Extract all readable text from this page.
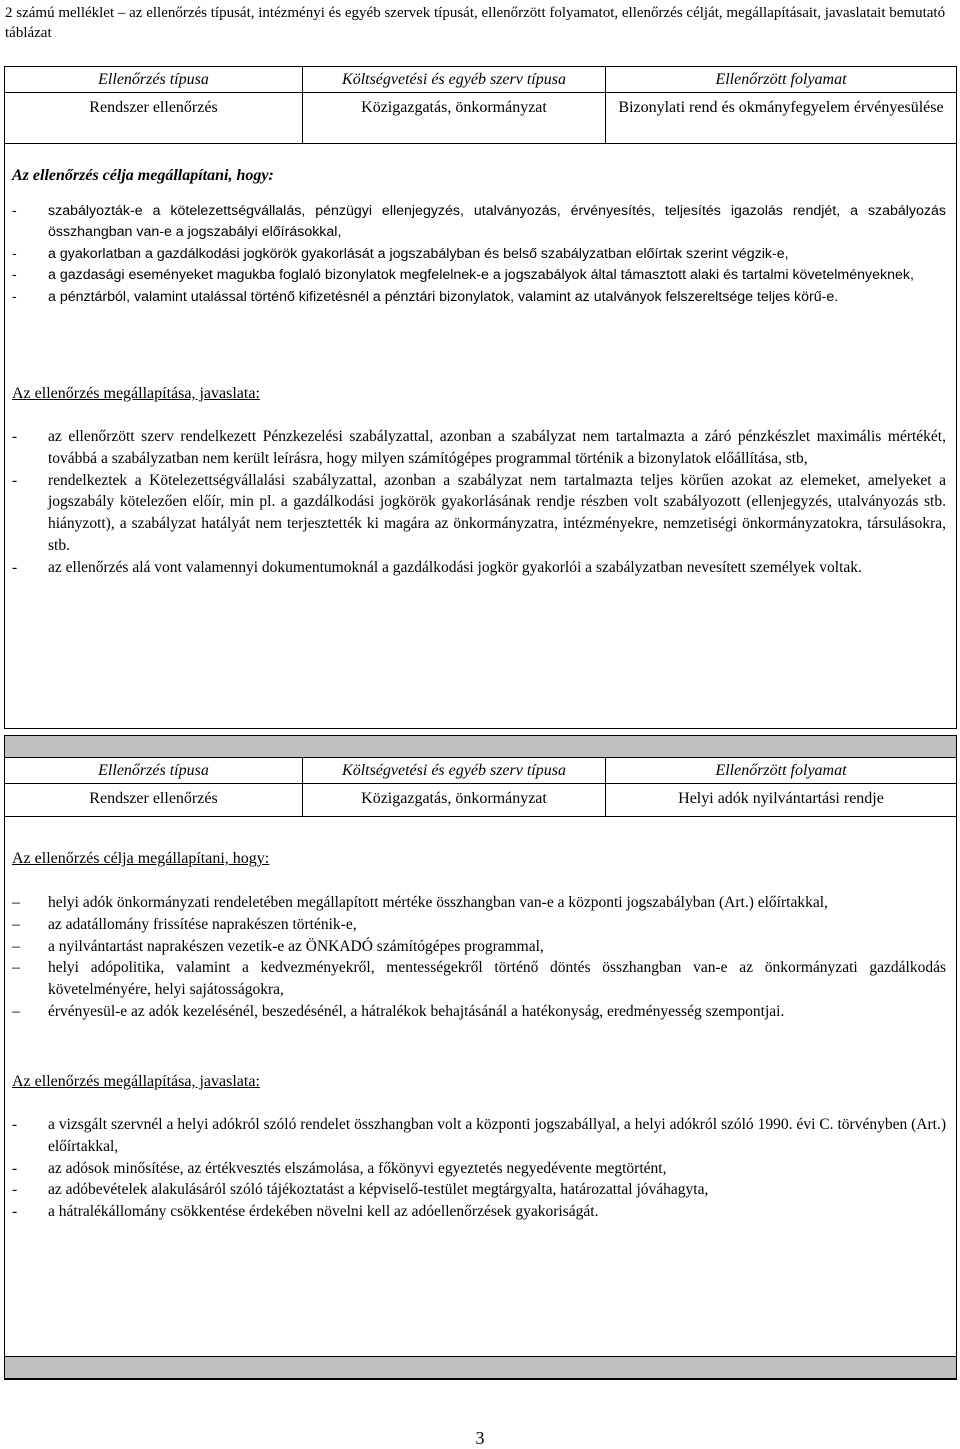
2 számú melléklet – az ellenőrzés típusát, intézményi és egyéb szervek típusát, ellenőrzött folyamatot, ellenőrzés célját, megállapításait, javaslatait bemutató táblázat
Ellenőrzés típusa	Költségvetési és egyéb szerv típusa	Ellenőrzött folyamat
Rendszer ellenőrzés	Közigazgatás, önkormányzat	Bizonylati rend és okmányfegyelem érvényesülése
Az ellenőrzés célja megállapítani, hogy:
- szabályozták-e a kötelezettségvállalás, pénzügyi ellenjegyzés, utalványozás, érvényesítés, teljesítés igazolás rendjét, a szabályozás összhangban van-e a jogszabályi előírásokkal,
- a gyakorlatban a gazdálkodási jogkörök gyakorlását a jogszabályban és belső szabályzatban előírtak szerint végzik-e,
- a gazdasági eseményeket magukba foglaló bizonylatok megfelelnek-e a jogszabályok által támasztott alaki és tartalmi követelményeknek,
- a pénztárból, valamint utalással történő kifizetésnél a pénztári bizonylatok, valamint az utalványok felszereltsége teljes körű-e.
Az ellenőrzés megállapítása, javaslata:
- az ellenőrzött szerv rendelkezett Pénzkezelési szabályzattal, azonban a szabályzat nem tartalmazta a záró pénzkészlet maximális mértékét, továbbá a szabályzatban nem került leírásra, hogy milyen számítógépes programmal történik a bizonylatok előállítása, stb,
- rendelkeztek a Kötelezettségvállalási szabályzattal, azonban a szabályzat nem tartalmazta teljes körűen azokat az elemeket, amelyeket a jogszabály kötelezően előír, min pl. a gazdálkodási jogkörök gyakorlásának rendje részben volt szabályozott (ellenjegyzés, utalványozás stb. hiányzott), a szabályzat hatályát nem terjesztették ki magára az önkormányzatra, intézményekre, nemzetiségi önkormányzatokra, társulásokra, stb.
- az ellenőrzés alá vont valamennyi dokumentumoknál a gazdálkodási jogkör gyakorlói a szabályzatban nevesített személyek voltak.
Ellenőrzés típusa	Költségvetési és egyéb szerv típusa	Ellenőrzött folyamat
Rendszer ellenőrzés	Közigazgatás, önkormányzat	Helyi adók nyilvántartási rendje
Az ellenőrzés célja megállapítani, hogy:
– helyi adók önkormányzati rendeletében megállapított mértéke összhangban van-e a központi jogszabályban (Art.) előírtakkal,
– az adatállomány frissítése naprakészen történik-e,
– a nyilvántartást naprakészen vezetik-e az ÖNKADÓ számítógépes programmal,
– helyi adópolitika, valamint a kedvezményekről, mentességekről történő döntés összhangban van-e az önkormányzati gazdálkodás követelményére, helyi sajátosságokra,
– érvényesül-e az adók kezelésénél, beszedésénél, a hátralékok behajtásánál a hatékonyság, eredményesség szempontjai.
Az ellenőrzés megállapítása, javaslata:
- a vizsgált szervnél a helyi adókról szóló rendelet összhangban volt a központi jogszabállyal, a helyi adókról szóló 1990. évi C. törvényben (Art.) előírtakkal,
- az adósok minősítése, az értékvesztés elszámolása, a főkönyvi egyeztetés negyedévente megtörtént,
- az adóbevételek alakulásáról szóló tájékoztatást a képviselő-testület megtárgyalta, határozattal jóváhagyta,
- a hátralékállomány csökkentése érdekében növelni kell az adóellenőrzések gyakoriságát.
3
